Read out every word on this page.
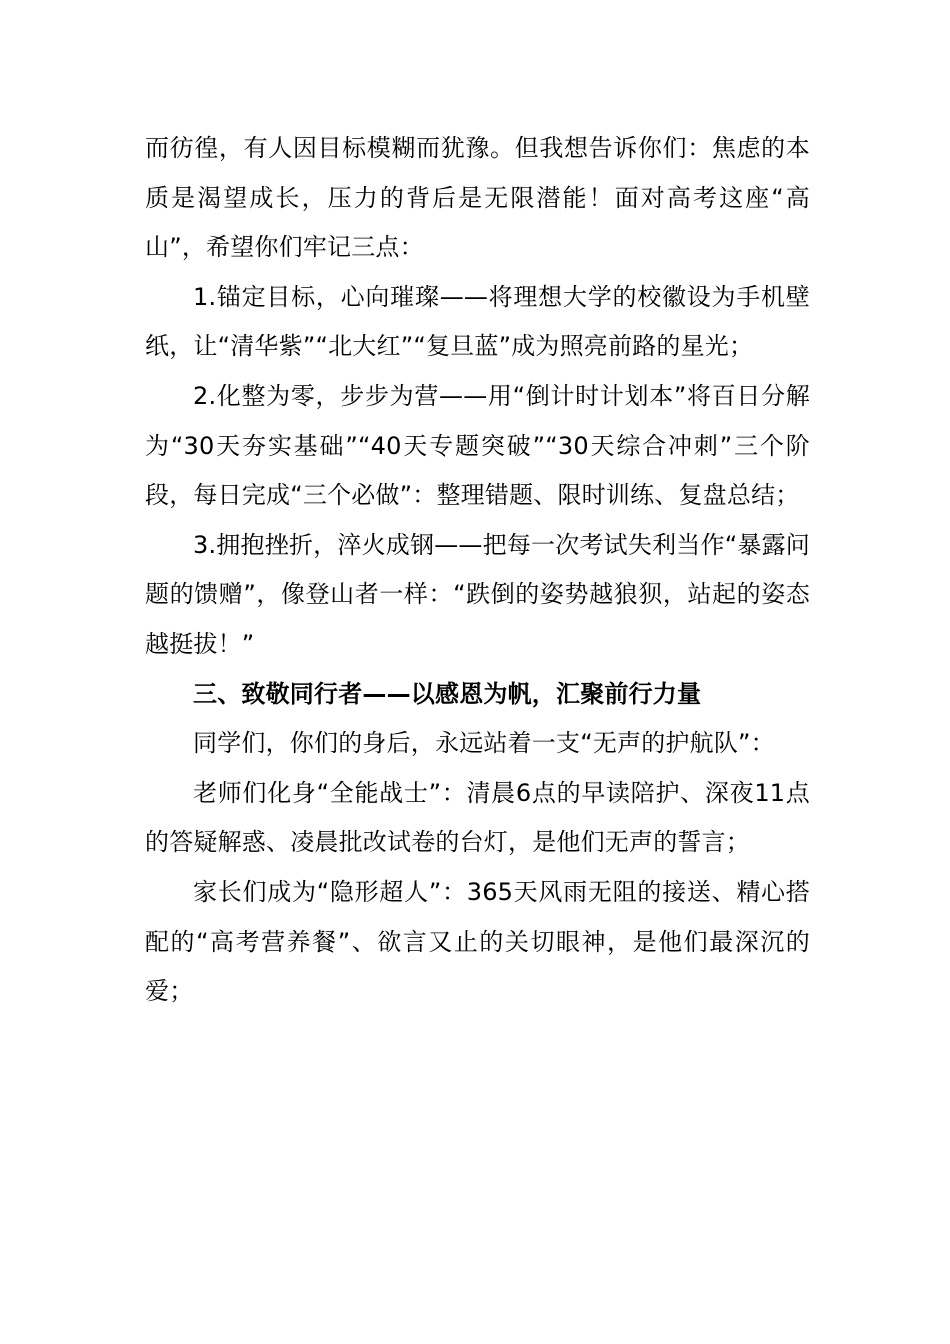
而彷徨，有人因目标模糊而犹豫。但我想告诉你们：焦虑的本质是渴望成长，压力的背后是无限潜能！面对高考这座“高山”，希望你们牢记三点：

1.锚定目标，心向璀璨——将理想大学的校徽设为手机壁纸，让“清华紫”“北大红”“复旦蓝”成为照亮前路的星光；

2.化整为零，步步为营——用“倒计时计划本”将百日分解为“30天夯实基础”“40天专题突破”“30天综合冲刺”三个阶段，每日完成“三个必做”：整理错题、限时训练、复盘总结；

3.拥抱挫折，淬火成钢——把每一次考试失利当作“暴露问题的馈赠”，像登山者一样：“跌倒的姿势越狼狈，站起的姿态越挺拔！”

三、致敬同行者——以感恩为帆，汇聚前行力量

同学们，你们的身后，永远站着一支“无声的护航队”：

老师们化身“全能战士”：清晨6点的早读陪护、深夜11点的答疑解惑、凌晨批改试卷的台灯，是他们无声的誓言；

家长们成为“隐形超人”：365天风雨无阻的接送、精心搭配的“高考营养餐”、欲言又止的关切眼神，是他们最深沉的爱；
